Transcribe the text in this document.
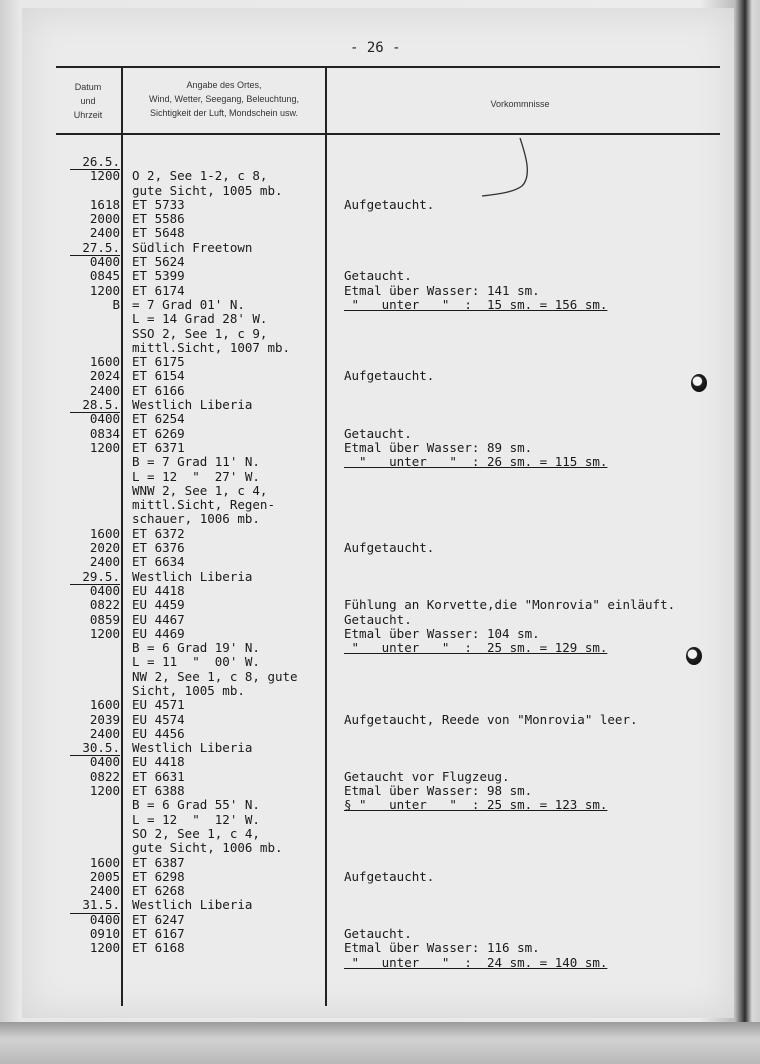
- 26 -
Datum
und
Uhrzeit
Angabe des Ortes,
Wind, Wetter, Seegang, Beleuchtung,
Sichtigkeit der Luft, Mondschein usw.
Vorkommnisse
26.5.
1200 O 2, See 1-2, c 8,
gute Sicht, 1005 mb.
1618 ET 5733	Aufgetaucht.
2000 ET 5586
2400 ET 5648
27.5. Südlich Freetown
0400 ET 5624
0845 ET 5399	Getaucht.
1200 ET 6174	Etmal über Wasser: 141 sm.
B = 7 Grad 01' N.	"   unter   "  :  15 sm. = 156 sm.
L = 14 Grad 28' W.
SSO 2, See 1, c 9,
mittl.Sicht, 1007 mb.
1600 ET 6175
2024 ET 6154	Aufgetaucht.
2400 ET 6166
28.5. Westlich Liberia
0400 ET 6254
0834 ET 6269	Getaucht.
1200 ET 6371	Etmal über Wasser: 89 sm.
B = 7 Grad 11' N.	"   unter   "  : 26 sm. = 115 sm.
L = 12  "  27' W.
WNW 2, See 1, c 4,
mittl.Sicht, Regen-
schauer, 1006 mb.
1600 ET 6372
2020 ET 6376	Aufgetaucht.
2400 ET 6634
29.5. Westlich Liberia
0400 EU 4418
0822 EU 4459	Fühlung an Korvette,die "Monrovia" einläuft.
0859 EU 4467	Getaucht.
1200 EU 4469	Etmal über Wasser: 104 sm.
B = 6 Grad 19' N.	"   unter   "  :  25 sm. = 129 sm.
L = 11  "  00' W.
NW 2, See 1, c 8, gute
Sicht, 1005 mb.
1600 EU 4571
2039 EU 4574	Aufgetaucht, Reede von "Monrovia" leer.
2400 EU 4456
30.5. Westlich Liberia
0400 EU 4418
0822 ET 6631	Getaucht vor Flugzeug.
1200 ET 6388	Etmal über Wasser: 98 sm.
B = 6 Grad 55' N.	§ "   unter   "  : 25 sm. = 123 sm.
L = 12  "  12' W.
SO 2, See 1, c 4,
gute Sicht, 1006 mb.
1600 ET 6387
2005 ET 6298	Aufgetaucht.
2400 ET 6268
31.5. Westlich Liberia
0400 ET 6247
0910 ET 6167	Getaucht.
1200 ET 6168	Etmal über Wasser: 116 sm.
"   unter   "  :  24 sm. = 140 sm.
